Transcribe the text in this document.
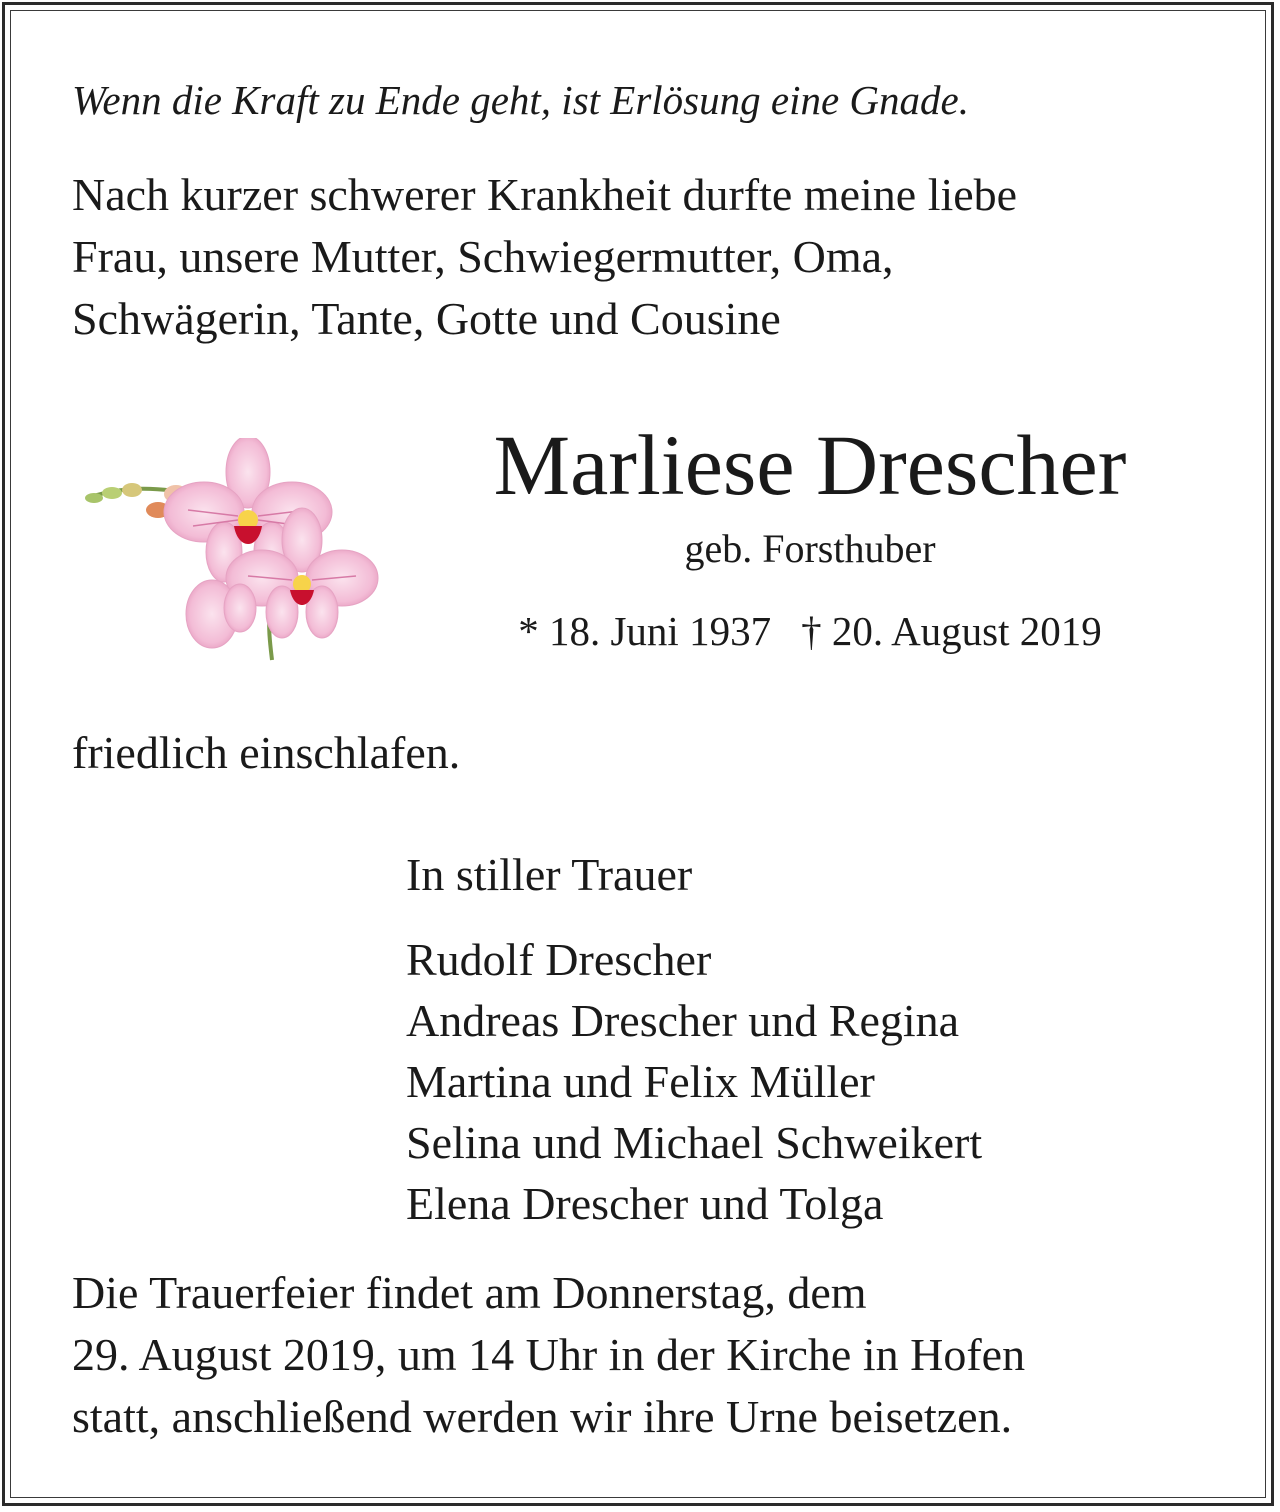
Wenn die Kraft zu Ende geht, ist Erlösung eine Gnade.
Nach kurzer schwerer Krankheit durfte meine liebe
Frau, unsere Mutter, Schwiegermutter, Oma,
Schwägerin, Tante, Gotte und Cousine
Marliese Drescher
geb. Forsthuber
* 18. Juni 1937 † 20. August 2019
friedlich einschlafen.
In stiller Trauer
Rudolf Drescher
Andreas Drescher und Regina
Martina und Felix Müller
Selina und Michael Schweikert
Elena Drescher und Tolga
Die Trauerfeier findet am Donnerstag, dem
29. August 2019, um 14 Uhr in der Kirche in Hofen
statt, anschließend werden wir ihre Urne beisetzen.
